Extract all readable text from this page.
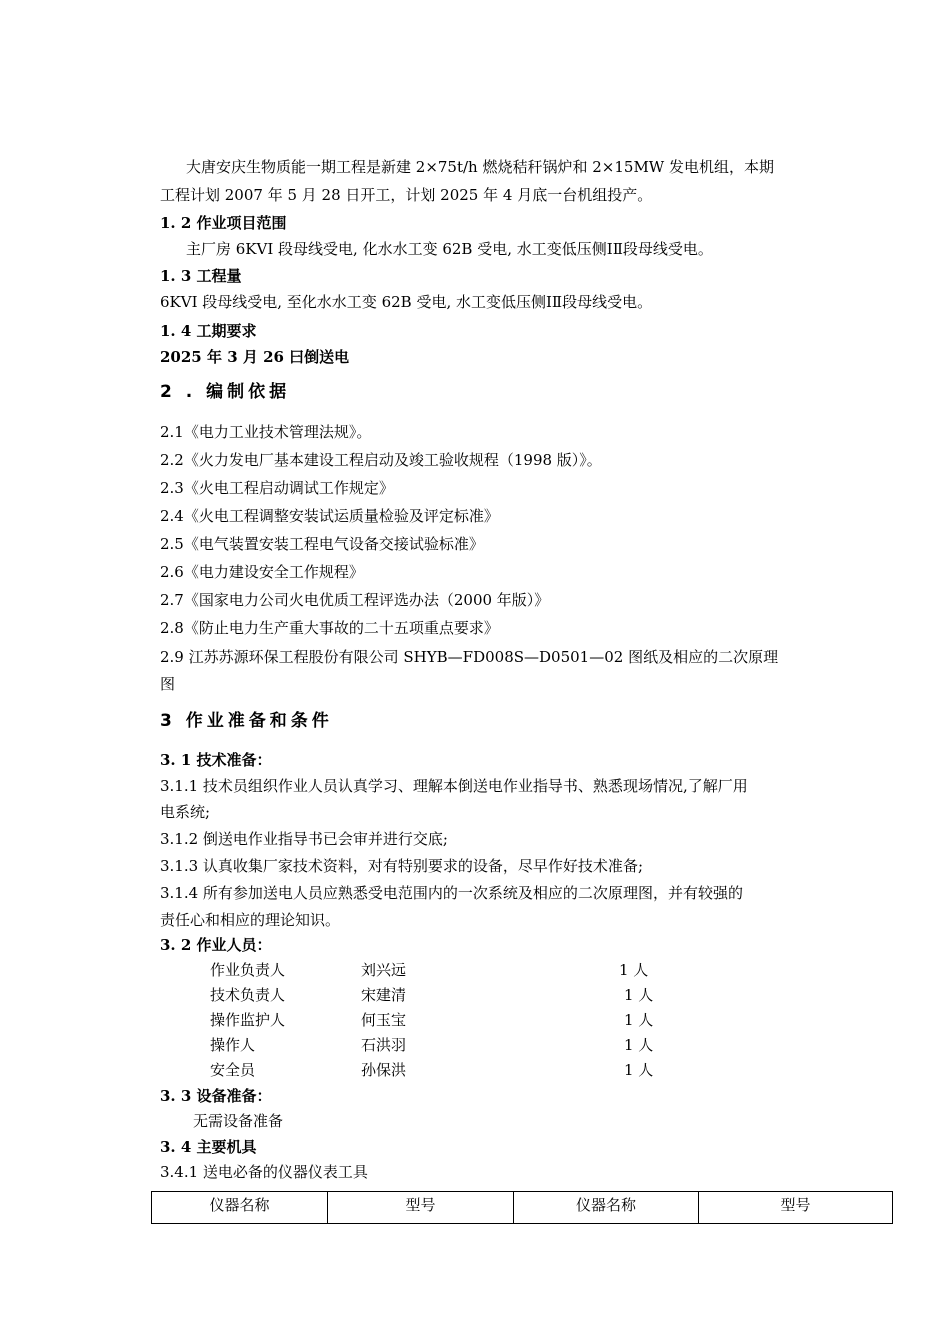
大唐安庆生物质能一期工程是新建 2×75t/h 燃烧秸秆锅炉和 2×15MW 发电机组，本期
工程计划 2007 年 5 月 28 日开工，计划 2025 年 4 月底一台机组投产。
1. 2 作业项目范围
主厂房 6KVⅠ 段母线受电, 化水水工变 62B 受电, 水工变低压侧ⅠⅡ段母线受电。
1. 3 工程量
6KVⅠ 段母线受电, 至化水水工变 62B 受电, 水工变低压侧ⅠⅡ段母线受电。
1. 4 工期要求
2025 年 3 月 26 曰倒送电
2 . 编制依据
2.1《电力工业技术管理法规》。
2.2《火力发电厂基本建设工程启动及竣工验收规程（1998 版）》。
2.3《火电工程启动调试工作规定》
2.4《火电工程调整安装试运质量检验及评定标准》
2.5《电气装置安装工程电气设备交接试验标准》
2.6《电力建设安全工作规程》
2.7《国家电力公司火电优质工程评选办法（2000 年版）》
2.8《防止电力生产重大事故的二十五项重点要求》
2.9 江苏苏源环保工程股份有限公司 SHYB—FD008S—D0501—02 图纸及相应的二次原理
图
3 作业准备和条件
3. 1 技术准备：
3.1.1 技术员组织作业人员认真学习、理解本倒送电作业指导书、熟悉现场情况,了解厂用
电系统;
3.1.2 倒送电作业指导书已会审并进行交底;
3.1.3 认真收集厂家技术资料，对有特别要求的设备，尽早作好技术准备;
3.1.4 所有参加送电人员应熟悉受电范围内的一次系统及相应的二次原理图，并有较强的
责任心和相应的理论知识。
3. 2 作业人员：
作业负责人	刘兴远	1 人
技术负责人	宋建清	1 人
操作监护人	何玉宝	1 人
操作人	石洪羽	1 人
安全员	孙保洪	1 人
3. 3 设备准备：
无需设备准备
3. 4 主要机具
3.4.1 送电必备的仪器仪表工具
仪器名称	型号	仪器名称	型号
